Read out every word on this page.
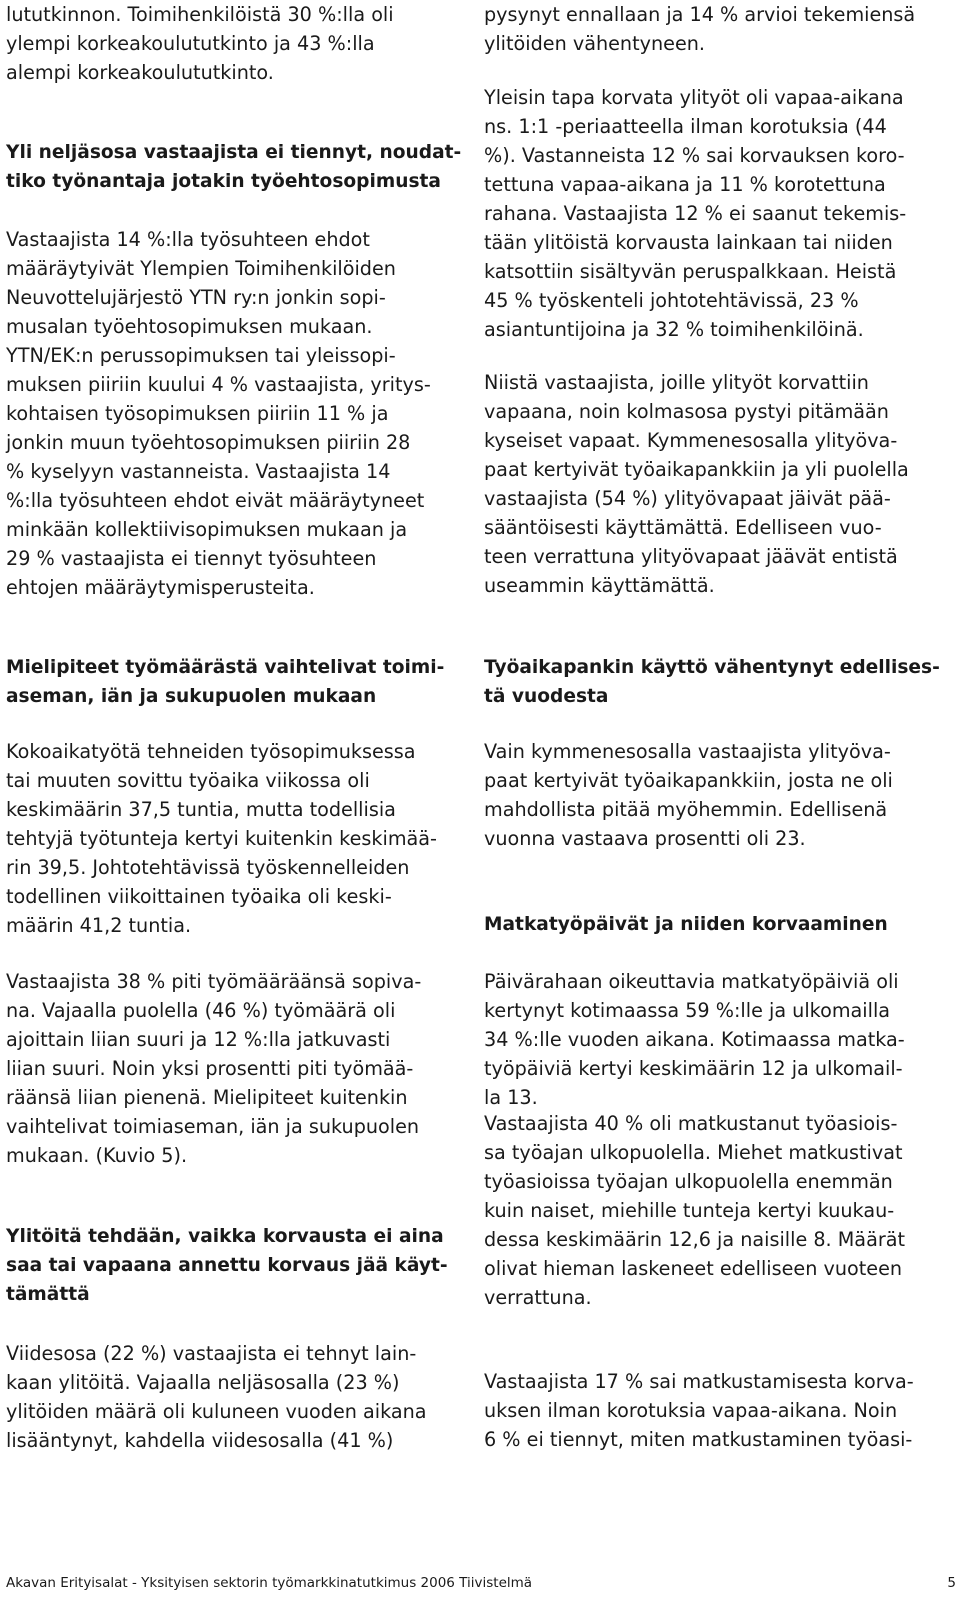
lututkinnon. Toimihenkilöistä 30 %:lla oli
ylempi korkeakoulututkinto ja 43 %:lla
alempi korkeakoulututkinto.
Yli neljäsosa vastaajista ei tiennyt, noudat-
tiko työnantaja jotakin työehtosopimusta
Vastaajista 14 %:lla työsuhteen ehdot
määräytyivät Ylempien Toimihenkilöiden
Neuvottelujärjestö YTN ry:n jonkin sopi-
musalan työehtosopimuksen mukaan.
YTN/EK:n perussopimuksen tai yleissopi-
muksen piiriin kuului 4 % vastaajista, yritys-
kohtaisen työsopimuksen piiriin 11 % ja
jonkin muun työehtosopimuksen piiriin 28
% kyselyyn vastanneista. Vastaajista 14
%:lla työsuhteen ehdot eivät määräytyneet
minkään kollektiivisopimuksen mukaan ja
29 % vastaajista ei tiennyt työsuhteen
ehtojen määräytymisperusteita.
Mielipiteet työmäärästä vaihtelivat toimi-
aseman, iän ja sukupuolen mukaan
Kokoaikatyötä tehneiden työsopimuksessa
tai muuten sovittu työaika viikossa oli
keskimäärin 37,5 tuntia, mutta todellisia
tehtyjä työtunteja kertyi kuitenkin keskimää-
rin 39,5. Johtotehtävissä työskennelleiden
todellinen viikoittainen työaika oli keski-
määrin 41,2 tuntia.
Vastaajista 38 % piti työmääräänsä sopiva-
na. Vajaalla puolella (46 %) työmäärä oli
ajoittain liian suuri ja 12 %:lla jatkuvasti
liian suuri. Noin yksi prosentti piti työmää-
räänsä liian pienenä. Mielipiteet kuitenkin
vaihtelivat toimiaseman, iän ja sukupuolen
mukaan. (Kuvio 5).
Ylitöitä tehdään, vaikka korvausta ei aina
saa tai vapaana annettu korvaus jää käyt-
tämättä
Viidesosa (22 %) vastaajista ei tehnyt lain-
kaan ylitöitä. Vajaalla neljäsosalla (23 %)
ylitöiden määrä oli kuluneen vuoden aikana
lisääntynyt, kahdella viidesosalla (41 %)
pysynyt ennallaan ja 14 % arvioi tekemiensä
ylitöiden vähentyneen.
Yleisin tapa korvata ylityöt oli vapaa-aikana
ns. 1:1 -periaatteella ilman korotuksia (44
%). Vastanneista 12 % sai korvauksen koro-
tettuna vapaa-aikana ja 11 % korotettuna
rahana. Vastaajista 12 % ei saanut tekemis-
tään ylitöistä korvausta lainkaan tai niiden
katsottiin sisältyvän peruspalkkaan. Heistä
45 % työskenteli johtotehtävissä, 23 %
asiantuntijoina ja 32 % toimihenkilöinä.
Niistä vastaajista, joille ylityöt korvattiin
vapaana, noin kolmasosa pystyi pitämään
kyseiset vapaat. Kymmenesosalla ylityöva-
paat kertyivät työaikapankkiin ja yli puolella
vastaajista (54 %) ylityövapaat jäivät pää-
sääntöisesti käyttämättä. Edelliseen vuo-
teen verrattuna ylityövapaat jäävät entistä
useammin käyttämättä.
Työaikapankin käyttö vähentynyt edellises-
tä vuodesta
Vain kymmenesosalla vastaajista ylityöva-
paat kertyivät työaikapankkiin, josta ne oli
mahdollista pitää myöhemmin. Edellisenä
vuonna vastaava prosentti oli 23.
Matkatyöpäivät ja niiden korvaaminen
Päivärahaan oikeuttavia matkatyöpäiviä oli
kertynyt kotimaassa 59 %:lle ja ulkomailla
34 %:lle vuoden aikana. Kotimaassa matka-
työpäiviä kertyi keskimäärin 12 ja ulkomail-
la 13.
Vastaajista 40 % oli matkustanut työasiois-
sa työajan ulkopuolella. Miehet matkustivat
työasioissa työajan ulkopuolella enemmän
kuin naiset, miehille tunteja kertyi kuukau-
dessa keskimäärin 12,6 ja naisille 8. Määrät
olivat hieman laskeneet edelliseen vuoteen
verrattuna.
Vastaajista 17 % sai matkustamisesta korva-
uksen ilman korotuksia vapaa-aikana. Noin
6 % ei tiennyt, miten matkustaminen työasi-
Akavan Erityisalat - Yksityisen sektorin työmarkkinatutkimus 2006 Tiivistelmä	5
